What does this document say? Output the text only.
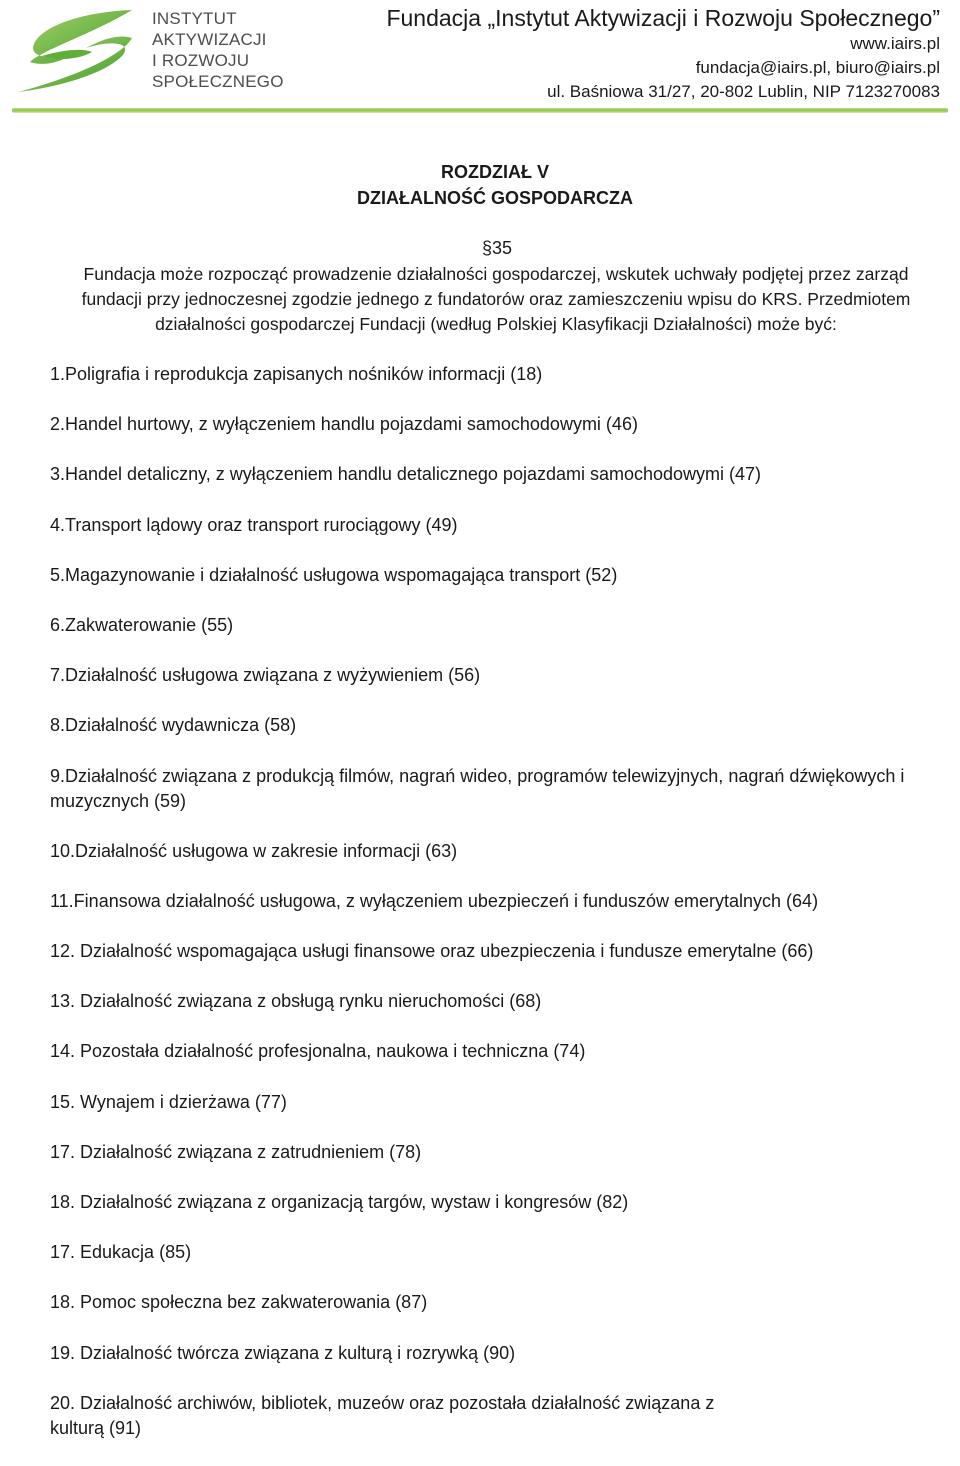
INSTYTUT
AKTYWIZACJI
I ROZWOJU
SPOŁECZNEGO
Fundacja „Instytut Aktywizacji i Rozwoju Społecznego”
www.iairs.pl
fundacja@iairs.pl, biuro@iairs.pl
ul. Baśniowa 31/27, 20-802 Lublin, NIP 7123270083
ROZDZIAŁ V
DZIAŁALNOŚĆ GOSPODARCZA
§35
Fundacja może rozpocząć prowadzenie działalności gospodarczej, wskutek uchwały podjętej przez zarząd
fundacji przy jednoczesnej zgodzie jednego z fundatorów oraz zamieszczeniu wpisu do KRS. Przedmiotem
działalności gospodarczej Fundacji (według Polskiej Klasyfikacji Działalności) może być:
1.Poligrafia i reprodukcja zapisanych nośników informacji (18)
2.Handel hurtowy, z wyłączeniem handlu pojazdami samochodowymi (46)
3.Handel detaliczny, z wyłączeniem handlu detalicznego pojazdami samochodowymi (47)
4.Transport lądowy oraz transport rurociągowy (49)
5.Magazynowanie i działalność usługowa wspomagająca transport (52)
6.Zakwaterowanie (55)
7.Działalność usługowa związana z wyżywieniem (56)
8.Działalność wydawnicza (58)
9.Działalność związana z produkcją filmów, nagrań wideo, programów telewizyjnych, nagrań dźwiękowych i muzycznych (59)
10.Działalność usługowa w zakresie informacji (63)
11.Finansowa działalność usługowa, z wyłączeniem ubezpieczeń i funduszów emerytalnych (64)
12. Działalność wspomagająca usługi finansowe oraz ubezpieczenia i fundusze emerytalne (66)
13. Działalność związana z obsługą rynku nieruchomości (68)
14. Pozostała działalność profesjonalna, naukowa i techniczna (74)
15. Wynajem i dzierżawa (77)
17. Działalność związana z zatrudnieniem (78)
18. Działalność związana z organizacją targów, wystaw i kongresów (82)
17. Edukacja (85)
18. Pomoc społeczna bez zakwaterowania (87)
19. Działalność twórcza związana z kulturą i rozrywką (90)
20. Działalność archiwów, bibliotek, muzeów oraz pozostała działalność związana z kulturą (91)
